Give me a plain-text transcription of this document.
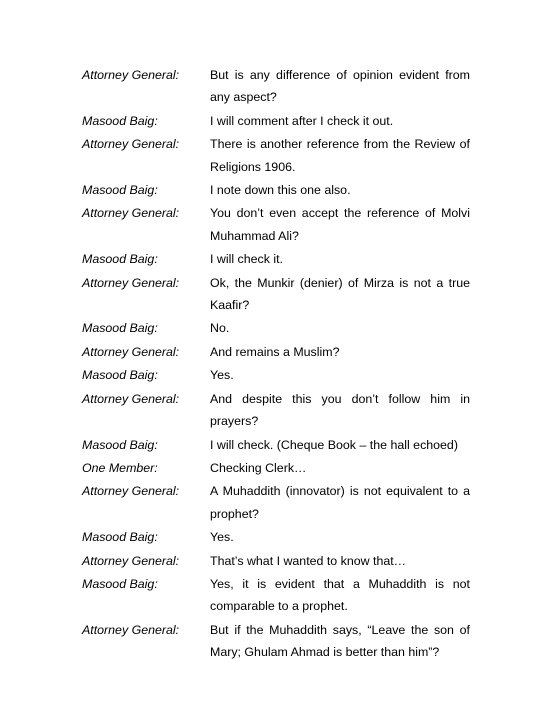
Attorney General:	But is any difference of opinion evident from any aspect?
Masood Baig:	I will comment after I check it out.
Attorney General:	There is another reference from the Review of Religions 1906.
Masood Baig:	I note down this one also.
Attorney General:	You don’t even accept the reference of Molvi Muhammad Ali?
Masood Baig:	I will check it.
Attorney General:	Ok, the Munkir (denier) of Mirza is not a true Kaafir?
Masood Baig:	No.
Attorney General:	And remains a Muslim?
Masood Baig:	Yes.
Attorney General:	And despite this you don’t follow him in prayers?
Masood Baig:	I will check. (Cheque Book – the hall echoed)
One Member:	Checking Clerk…
Attorney General:	A Muhaddith (innovator) is not equivalent to a prophet?
Masood Baig:	Yes.
Attorney General:	That’s what I wanted to know that…
Masood Baig:	Yes, it is evident that a Muhaddith is not comparable to a prophet.
Attorney General:	But if the Muhaddith says, “Leave the son of Mary; Ghulam Ahmad is better than him”?
